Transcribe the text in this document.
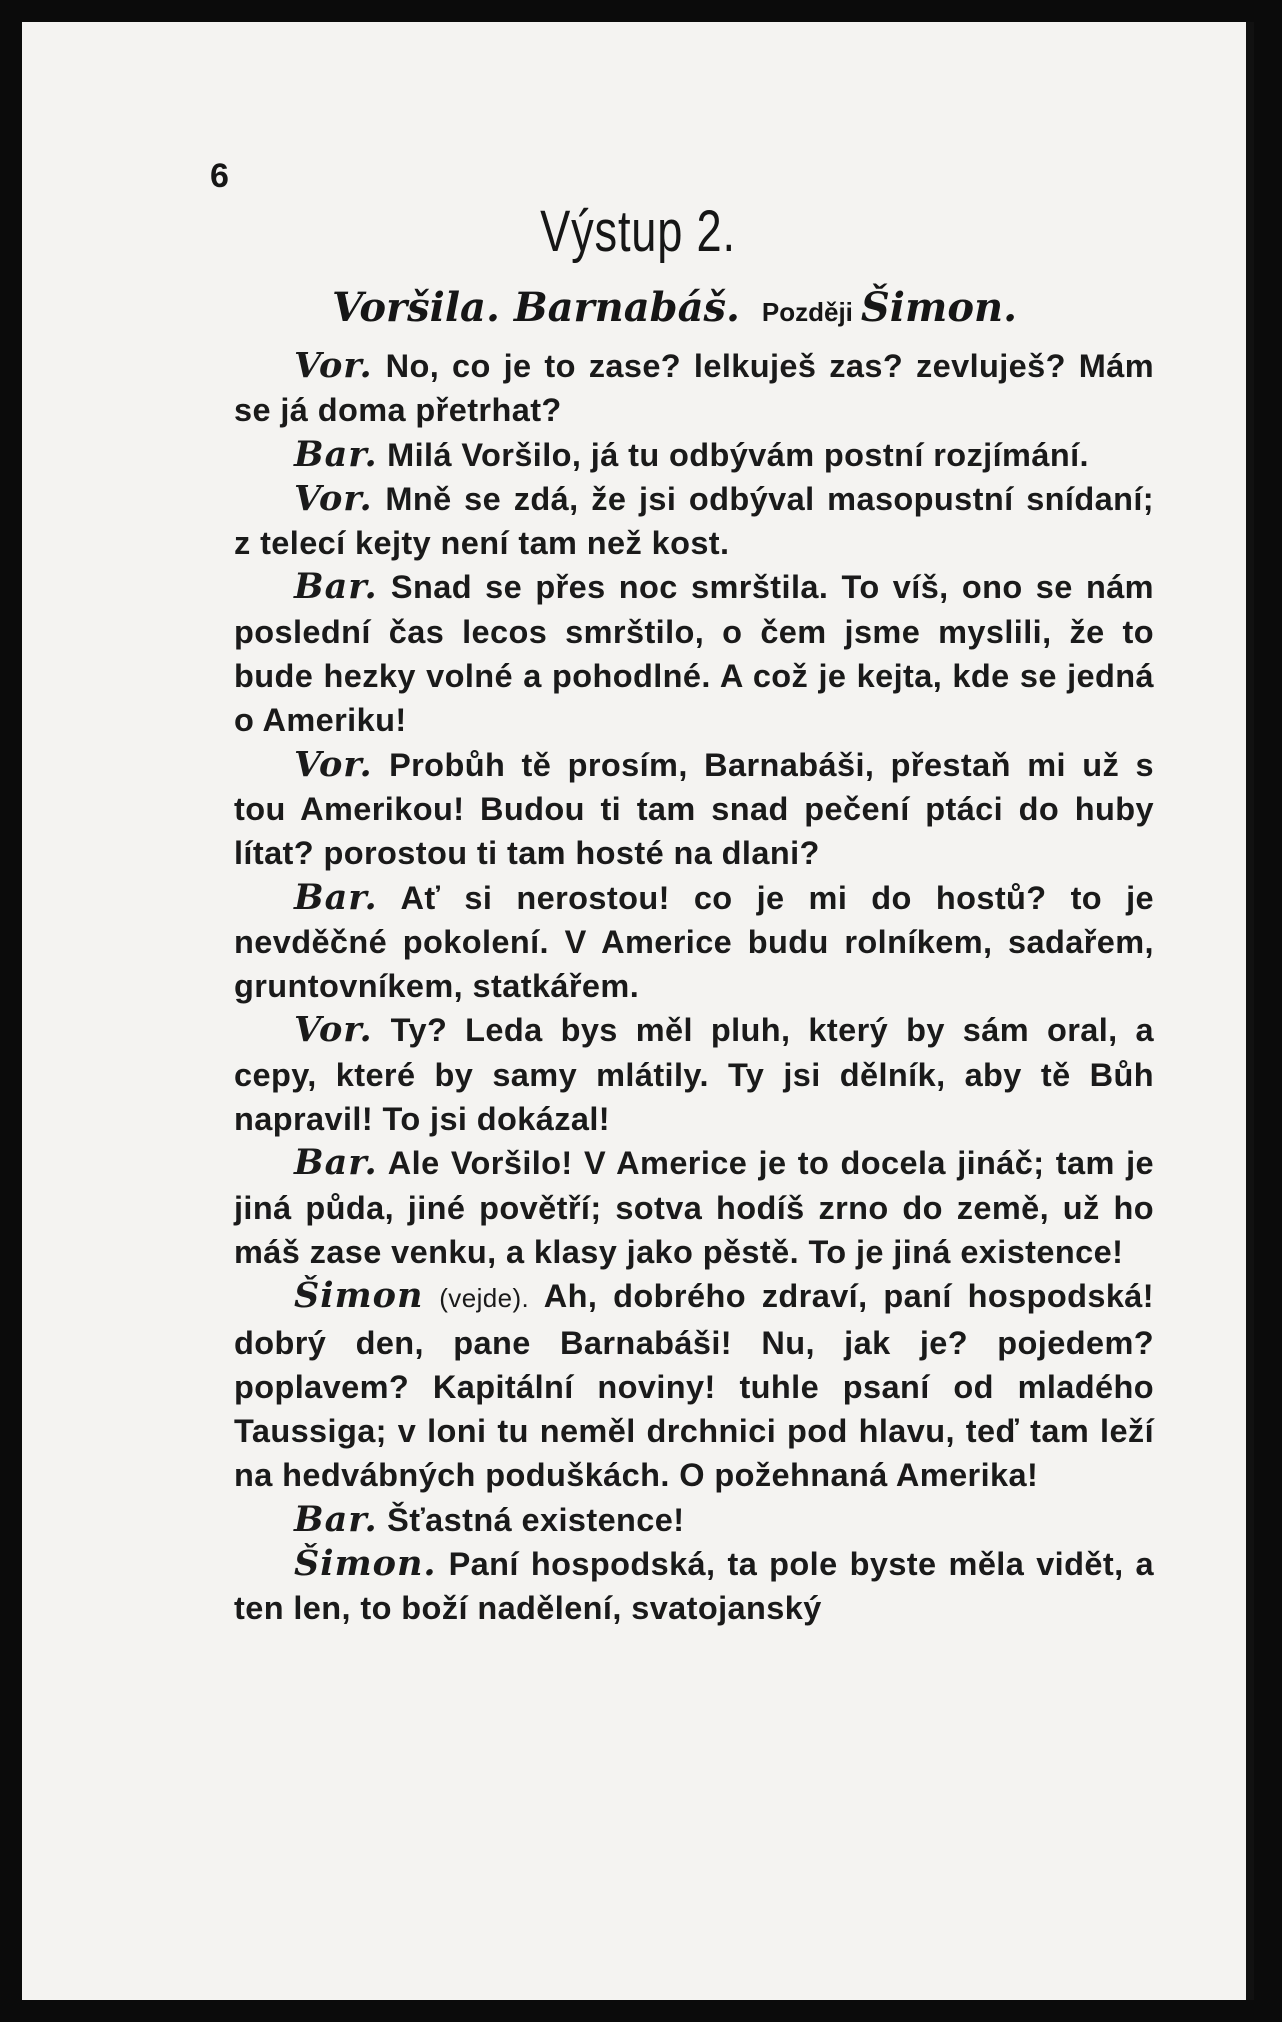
6
Výstup 2.
Voršila. Barnabáš. Později Šimon.

Vor. No, co je to zase? lelkuješ zas? zevluješ? Mám se já doma přetrhat?

Bar. Milá Voršilo, já tu odbývám postní rozjímání.

Vor. Mně se zdá, že jsi odbýval masopustní snídaní; z telecí kejty není tam než kost.

Bar. Snad se přes noc smrštila. To víš, ono se nám poslední čas lecos smrštilo, o čem jsme myslili, že to bude hezky volné a pohodlné. A což je kejta, kde se jedná o Ameriku!

Vor. Probůh tě prosím, Barnabáši, přestaň mi už s tou Amerikou! Budou ti tam snad pečení ptáci do huby lítat? porostou ti tam hosté na dlani?

Bar. Ať si nerostou! co je mi do hostů? to je nevděčné pokolení. V Americe budu rolníkem, sadařem, gruntovníkem, statkářem.

Vor. Ty? Leda bys měl pluh, který by sám oral, a cepy, které by samy mlátily. Ty jsi dělník, aby tě Bůh napravil! To jsi dokázal!

Bar. Ale Voršilo! V Americe je to docela jináč; tam je jiná půda, jiné povětří; sotva hodíš zrno do země, už ho máš zase venku, a klasy jako pěstě. To je jiná existence!

Šimon (vejde). Ah, dobrého zdraví, paní hospodská! dobrý den, pane Barnabáši! Nu, jak je? pojedem? poplavem? Kapitální noviny! tuhle psaní od mladého Taussiga; v loni tu neměl drchnici pod hlavu, teď tam leží na hedvábných poduškách. O požehnaná Amerika!

Bar. Šťastná existence!

Šimon. Paní hospodská, ta pole byste měla vidět, a ten len, to boží nadělení, svatojanský
